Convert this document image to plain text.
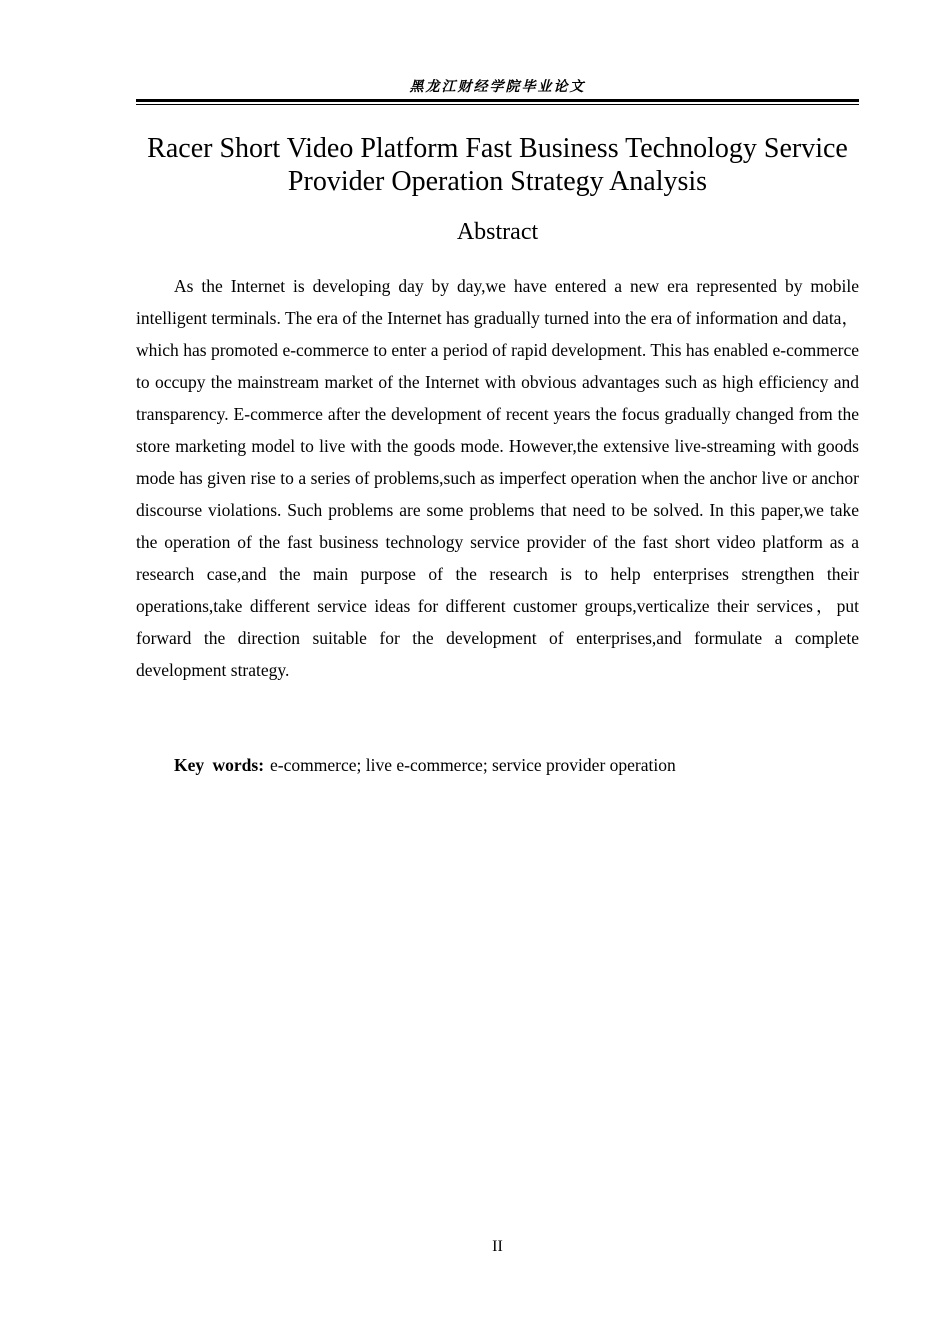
黑龙江财经学院毕业论文
Racer Short Video Platform Fast Business Technology Service Provider Operation Strategy Analysis
Abstract

As the Internet is developing day by day,we have entered a new era represented by mobile intelligent terminals. The era of the Internet has gradually turned into the era of information and data，which has promoted e-commerce to enter a period of rapid development. This has enabled e-commerce to occupy the mainstream market of the Internet with obvious advantages such as high efficiency and transparency. E-commerce after the development of recent years the focus gradually changed from the store marketing model to live with the goods mode. However,the extensive live-streaming with goods mode has given rise to a series of problems,such as imperfect operation when the anchor live or anchor discourse violations. Such problems are some problems that need to be solved. In this paper,we take the operation of the fast business technology service provider of the fast short video platform as a research case,and the main purpose of the research is to help enterprises strengthen their operations,take different service ideas for different customer groups,verticalize their services，put forward the direction suitable for the development of enterprises,and formulate a complete development strategy.

Key words: e-commerce; live e-commerce; service provider operation

II
